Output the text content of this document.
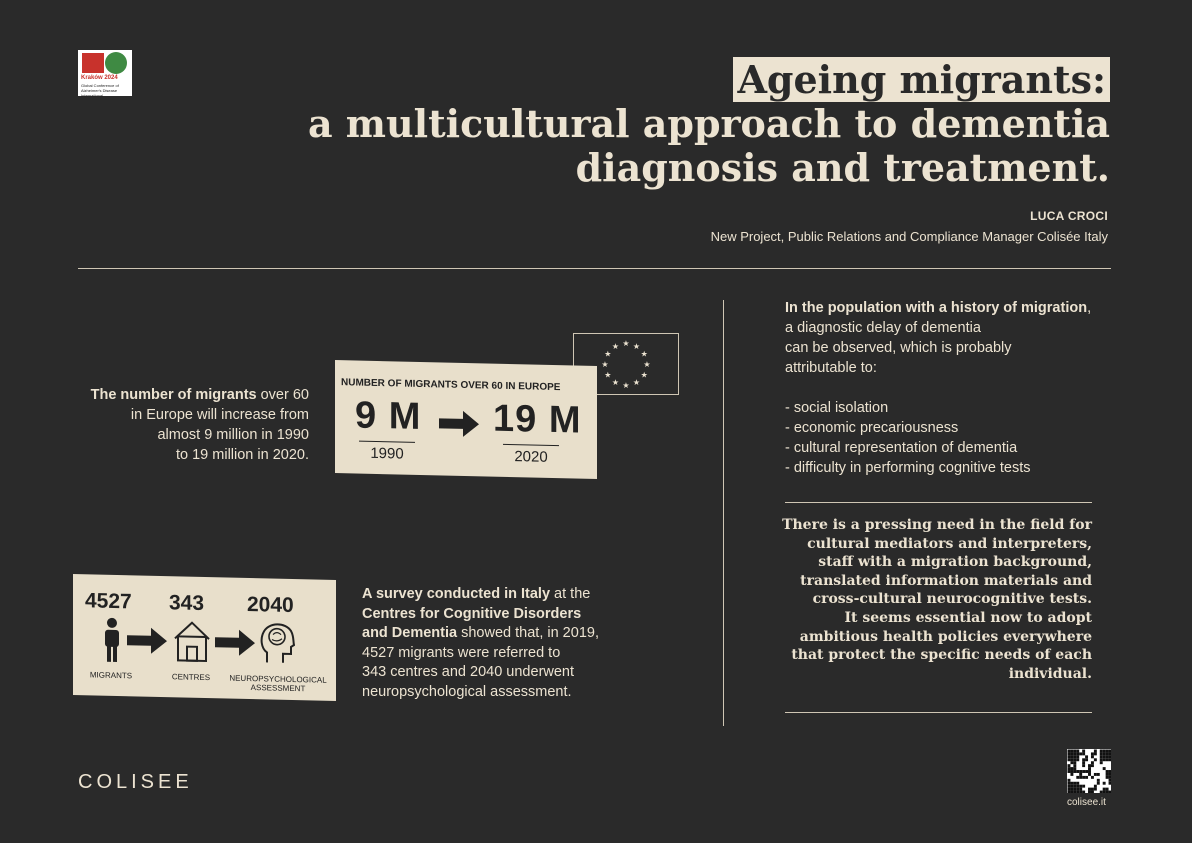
Kraków 2024
Global Conference of Alzheimer's Disease International	Ageing migrants:
a multicultural approach to dementia
diagnosis and treatment.
LUCA CROCI
New Project, Public Relations and Compliance Manager Colisée Italy
The number of migrants over 60
in Europe will increase from
almost 9 million in 1990
to 19 million in 2020.
★ ★
★
★
★
★
★
★
★
★
★
★
NUMBER OF MIGRANTS OVER 60 IN EUROPE
9 M
1990
19 M
2020
4527 343 2040
MIGRANTS	CENTRES	NEUROPSYCHOLOGICAL ASSESSMENT
A survey conducted in Italy at the
Centres for Cognitive Disorders
and Dementia showed that, in 2019,
4527 migrants were referred to
343 centres and 2040 underwent
neuropsychological assessment.

In the population with a history of migration,

a diagnostic delay of dementia

can be observed, which is probably

attributable to:

- social isolation

- economic precariousness

- cultural representation of dementia

- difficulty in performing cognitive tests

There is a pressing need in the field for cultural mediators and interpreters, staff with a migration background, translated information materials and cross-cultural neurocognitive tests.
It seems essential now to adopt ambitious health policies everywhere that protect the specific needs of each individual.
COLISEE
colisee.it
